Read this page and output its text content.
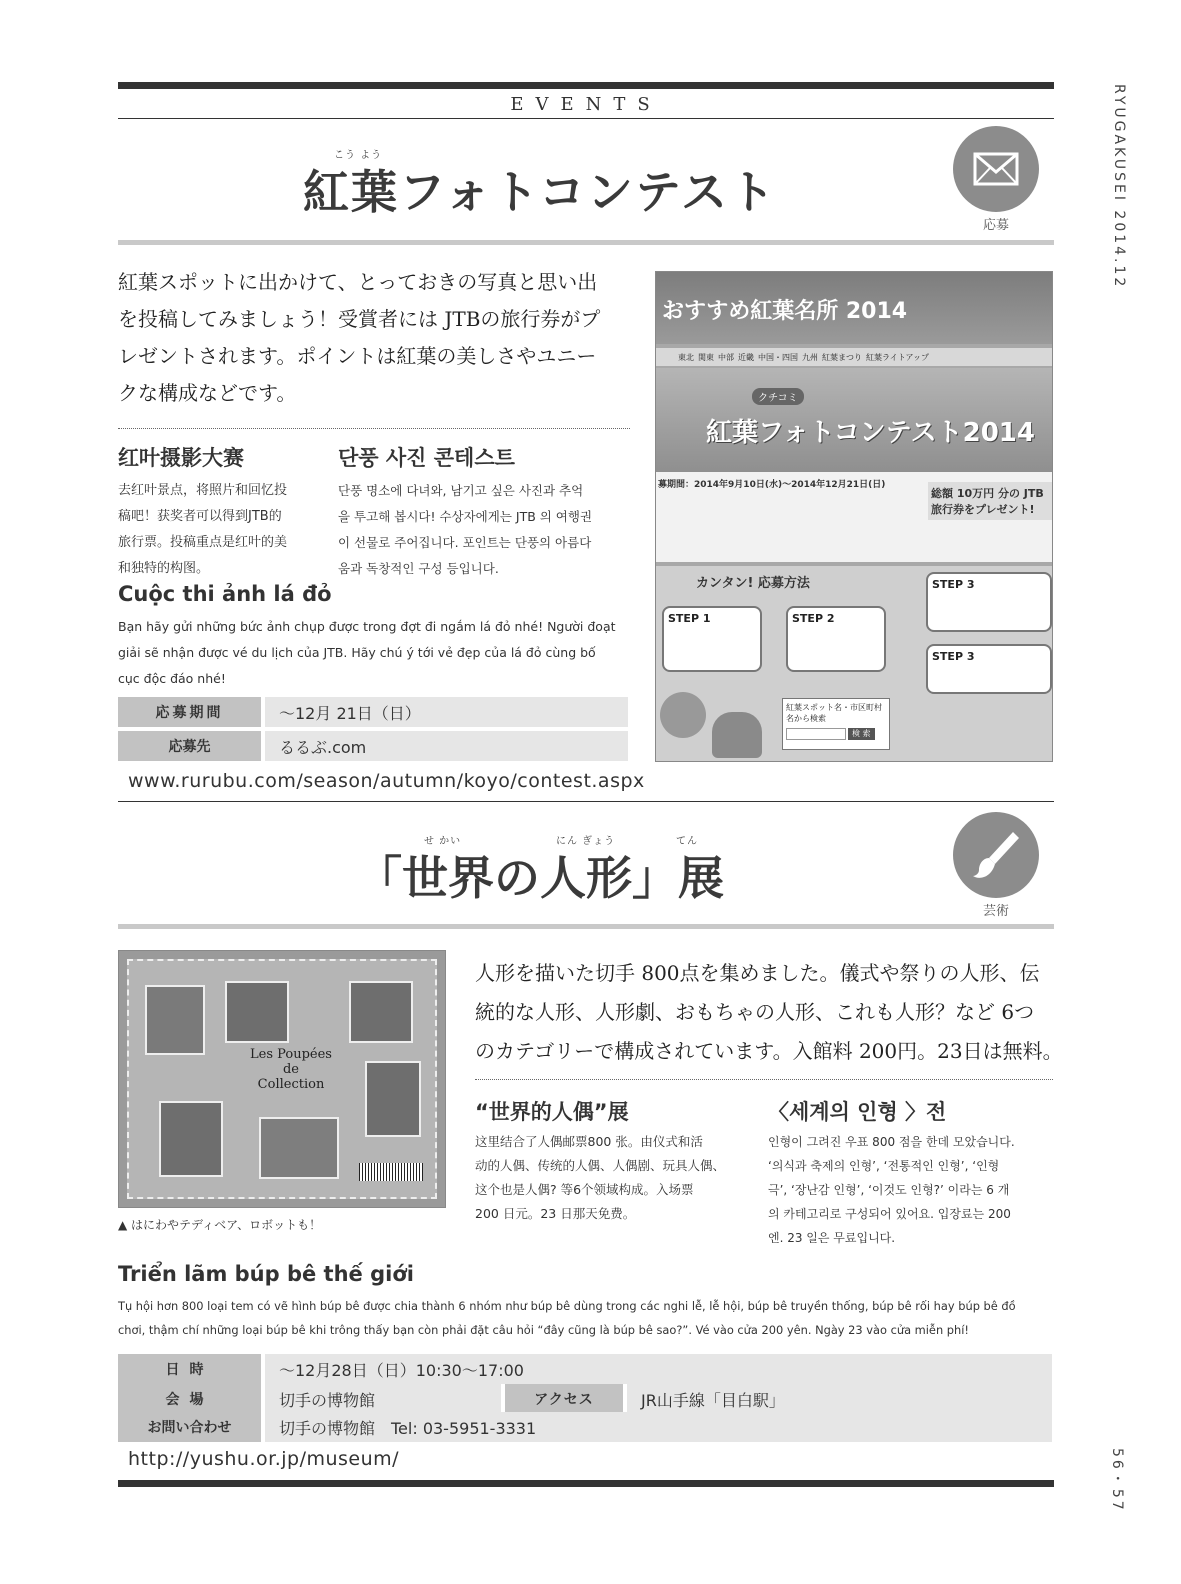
RYUGAKUSEI 2014.12
56・57
EVENTS
こう よう
紅葉フォトコンテスト
応募
紅葉スポットに出かけて、とっておきの写真と思い出
を投稿してみましょう！受賞者には JTBの旅行券がプ
レゼントされます。ポイントは紅葉の美しさやユニー
クな構成などです。
红叶摄影大赛
去红叶景点，将照片和回忆投
稿吧！获奖者可以得到JTB的
旅行票。投稿重点是红叶的美
和独特的构图。
단풍 사진 콘테스트
단풍 명소에 다녀와, 남기고 싶은 사진과 추억
을 투고해 봅시다! 수상자에게는 JTB 의 여행권
이 선물로 주어집니다. 포인트는 단풍의 아름다
움과 독창적인 구성 등입니다.
Cuộc thi ảnh lá đỏ
Bạn hãy gửi những bức ảnh chụp được trong đợt đi ngắm lá đỏ nhé! Người đoạt
giải sẽ nhận được vé du lịch của JTB. Hãy chú ý tới vẻ đẹp của lá đỏ cùng bố
cục độc đáo nhé!
応募期間	〜12月 21日（日）
応募先	るるぶ.com
www.rurubu.com/season/autumn/koyo/contest.aspx
おすすめ紅葉名所 2014
東北 関東 中部 近畿 中国・四国 九州 紅葉まつり 紅葉ライトアップ
クチコミ
紅葉フォトコンテスト2014
募期間：2014年9月10日(水)〜2014年12月21日(日)
総額 10万円 分の JTB旅行券をプレゼント!
カンタン! 応募方法
STEP 1	STEP 2
STEP 3
STEP 3
紅葉スポット名・市区町村名から検索
検 索
せ かい	にん ぎょう	てん
「世界の人形」展
芸術
Les Poupées
de
Collection
▲ はにわやテディベア、ロボットも！
人形を描いた切手 800点を集めました。儀式や祭りの人形、伝
統的な人形、人形劇、おもちゃの人形、これも人形？など 6つ
のカテゴリーで構成されています。入館料 200円。23日は無料。
“世界的人偶”展
这里结合了人偶邮票800 张。由仪式和活
动的人偶、传统的人偶、人偶剧、玩具人偶、
这个也是人偶? 等6个领域构成。入场票
200 日元。23 日那天免费。
〈세계의 인형 〉전
인형이 그려진 우표 800 점을 한데 모았습니다.
‘의식과 축제의 인형’, ‘전통적인 인형’, ‘인형
극’, ‘장난감 인형’, ‘이것도 인형?’ 이라는 6 개
의 카테고리로 구성되어 있어요. 입장료는 200
엔. 23 일은 무료입니다.
Triển lãm búp bê thế giới
Tụ hội hơn 800 loại tem có vẽ hình búp bê được chia thành 6 nhóm như búp bê dùng trong các nghi lễ, lễ hội, búp bê truyền thống, búp bê rối hay búp bê đồ
chơi, thậm chí những loại búp bê khi trông thấy bạn còn phải đặt câu hỏi “đây cũng là búp bê sao?”. Vé vào cửa 200 yên. Ngày 23 vào cửa miễn phí!
日時	〜12月28日（日）10:30〜17:00
会場	切手の博物館	アクセス	JR山手線「目白駅」
お問い合わせ	切手の博物館　Tel: 03-5951-3331
http://yushu.or.jp/museum/
